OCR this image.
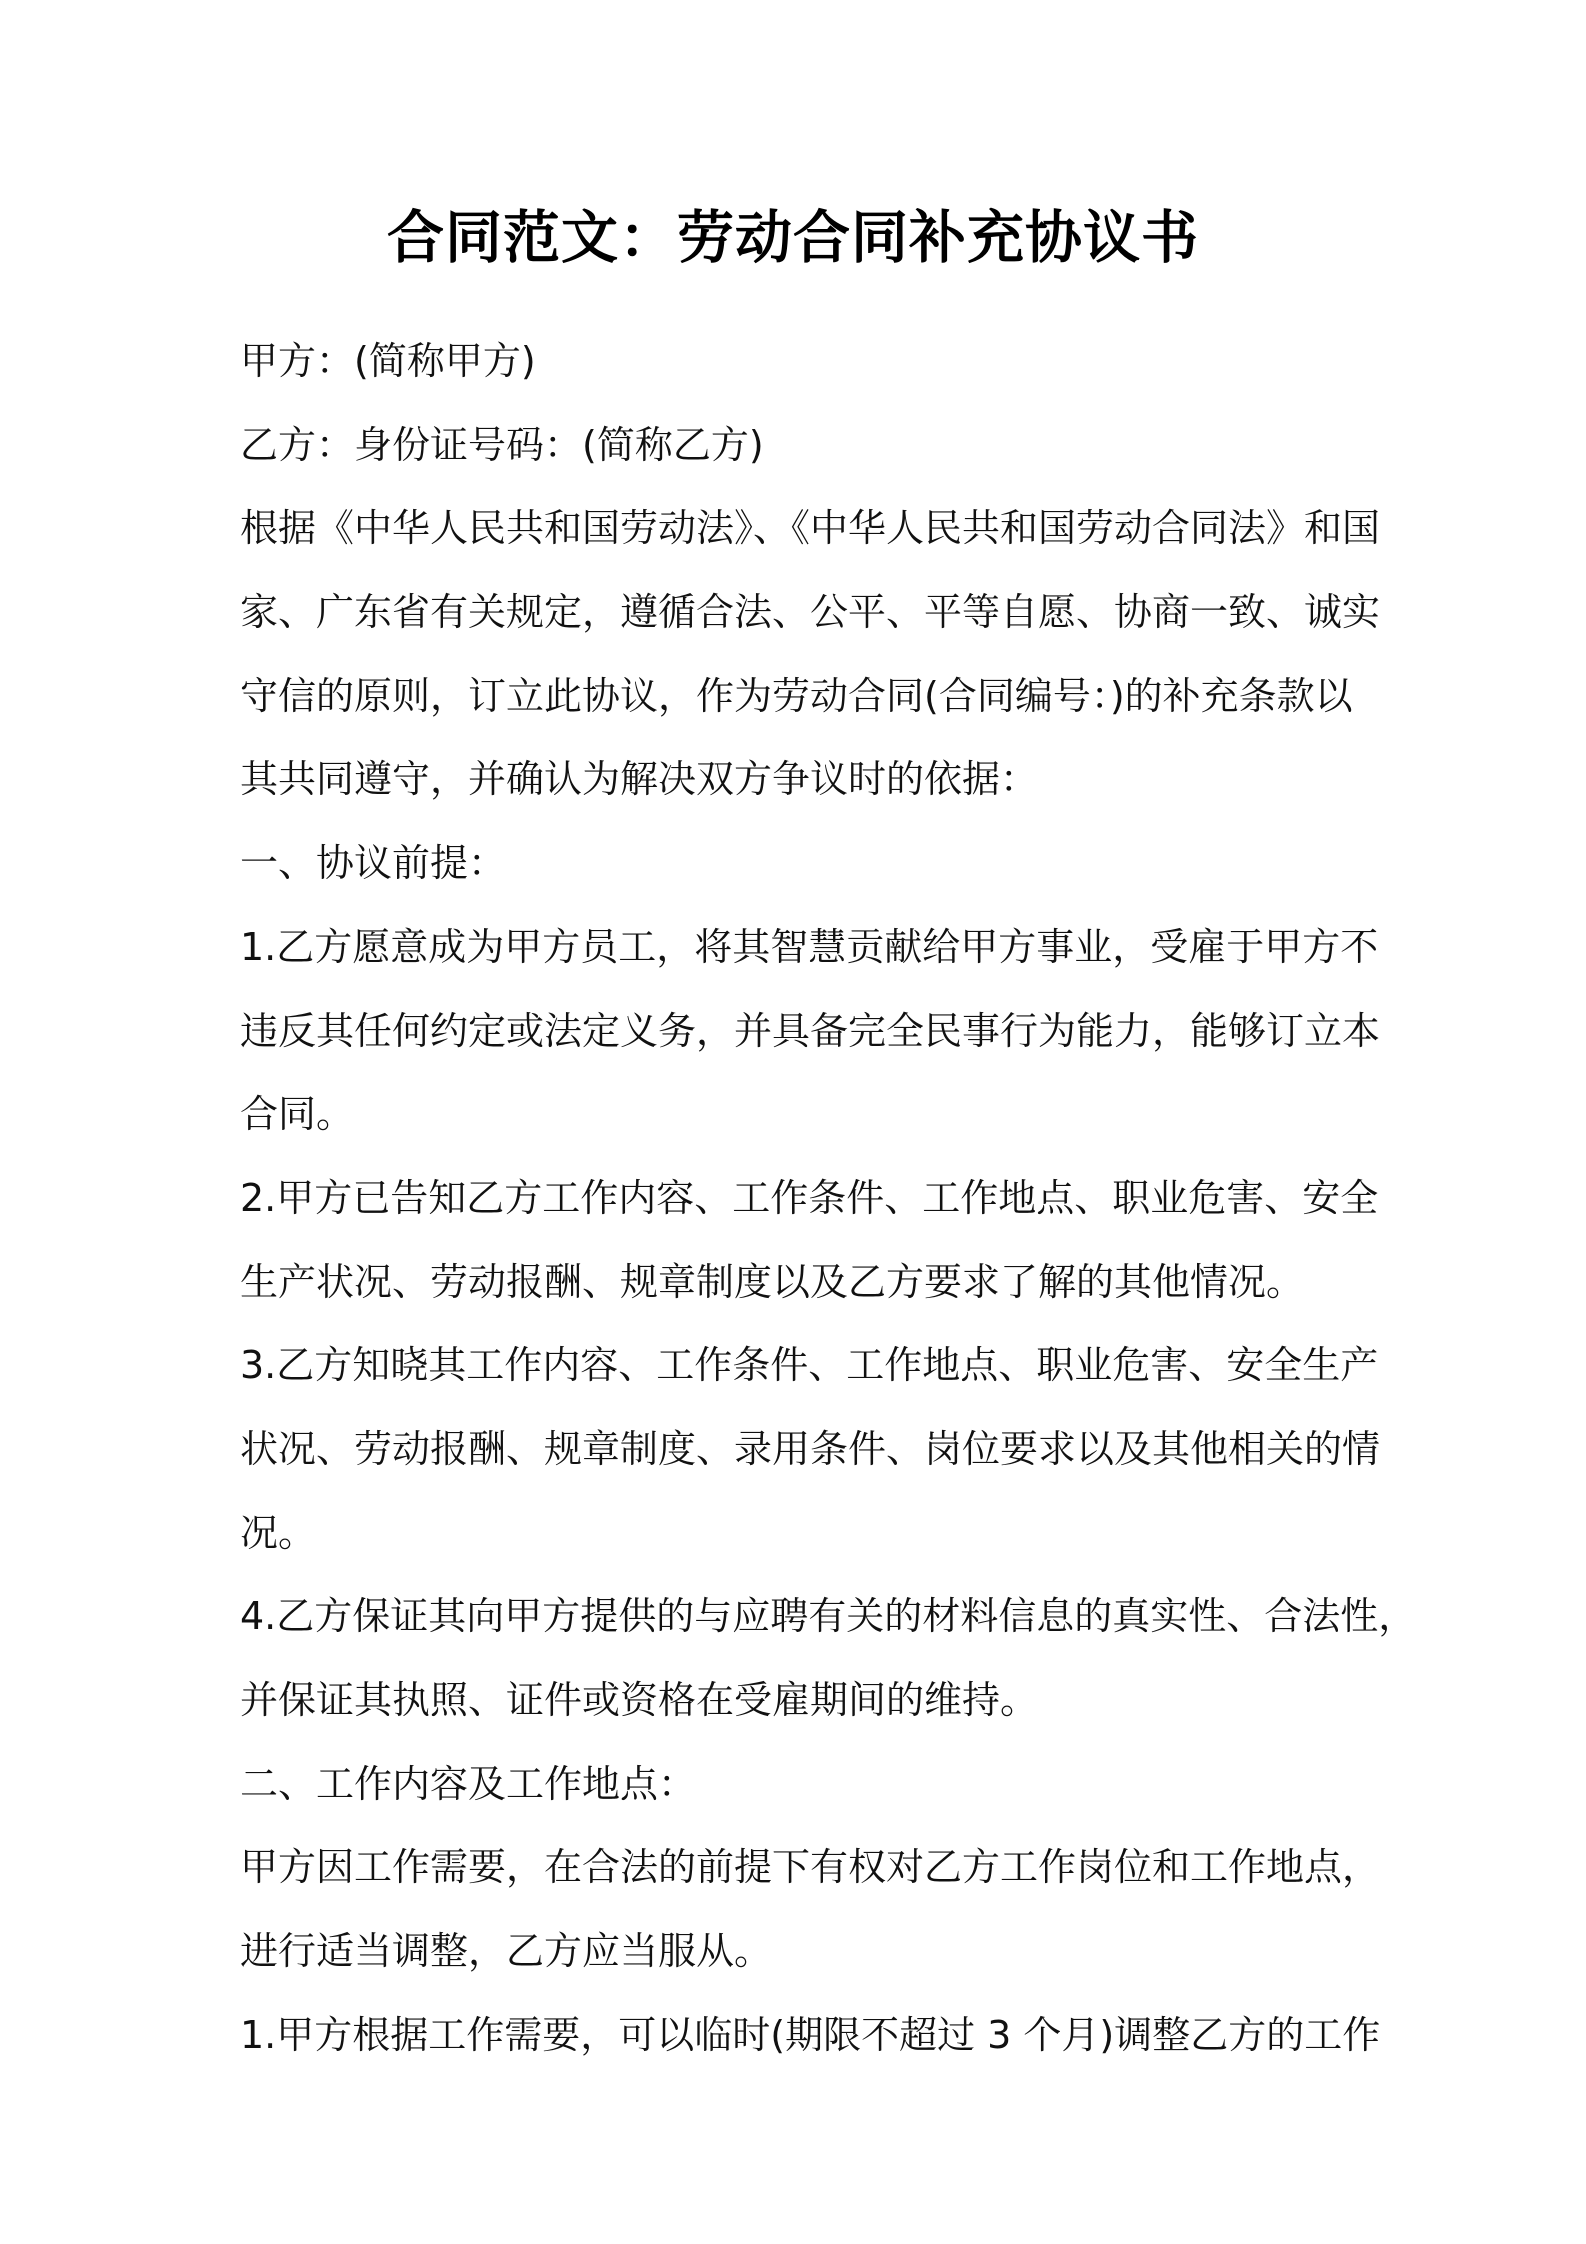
合同范文：劳动合同补充协议书
甲方：(简称甲方)
乙方：身份证号码：(简称乙方)
根据《中华人民共和国劳动法》、《中华人民共和国劳动合同法》和国
家、广东省有关规定，遵循合法、公平、平等自愿、协商一致、诚实
守信的原则，订立此协议，作为劳动合同(合同编号：)的补充条款以
其共同遵守，并确认为解决双方争议时的依据：
一、协议前提：
1.乙方愿意成为甲方员工，将其智慧贡献给甲方事业，受雇于甲方不
违反其任何约定或法定义务，并具备完全民事行为能力，能够订立本
合同。
2.甲方已告知乙方工作内容、工作条件、工作地点、职业危害、安全
生产状况、劳动报酬、规章制度以及乙方要求了解的其他情况。
3.乙方知晓其工作内容、工作条件、工作地点、职业危害、安全生产
状况、劳动报酬、规章制度、录用条件、岗位要求以及其他相关的情
况。
4.乙方保证其向甲方提供的与应聘有关的材料信息的真实性、合法性，
并保证其执照、证件或资格在受雇期间的维持。
二、工作内容及工作地点：
甲方因工作需要，在合法的前提下有权对乙方工作岗位和工作地点，
进行适当调整，乙方应当服从。
1.甲方根据工作需要，可以临时(期限不超过 3 个月)调整乙方的工作
